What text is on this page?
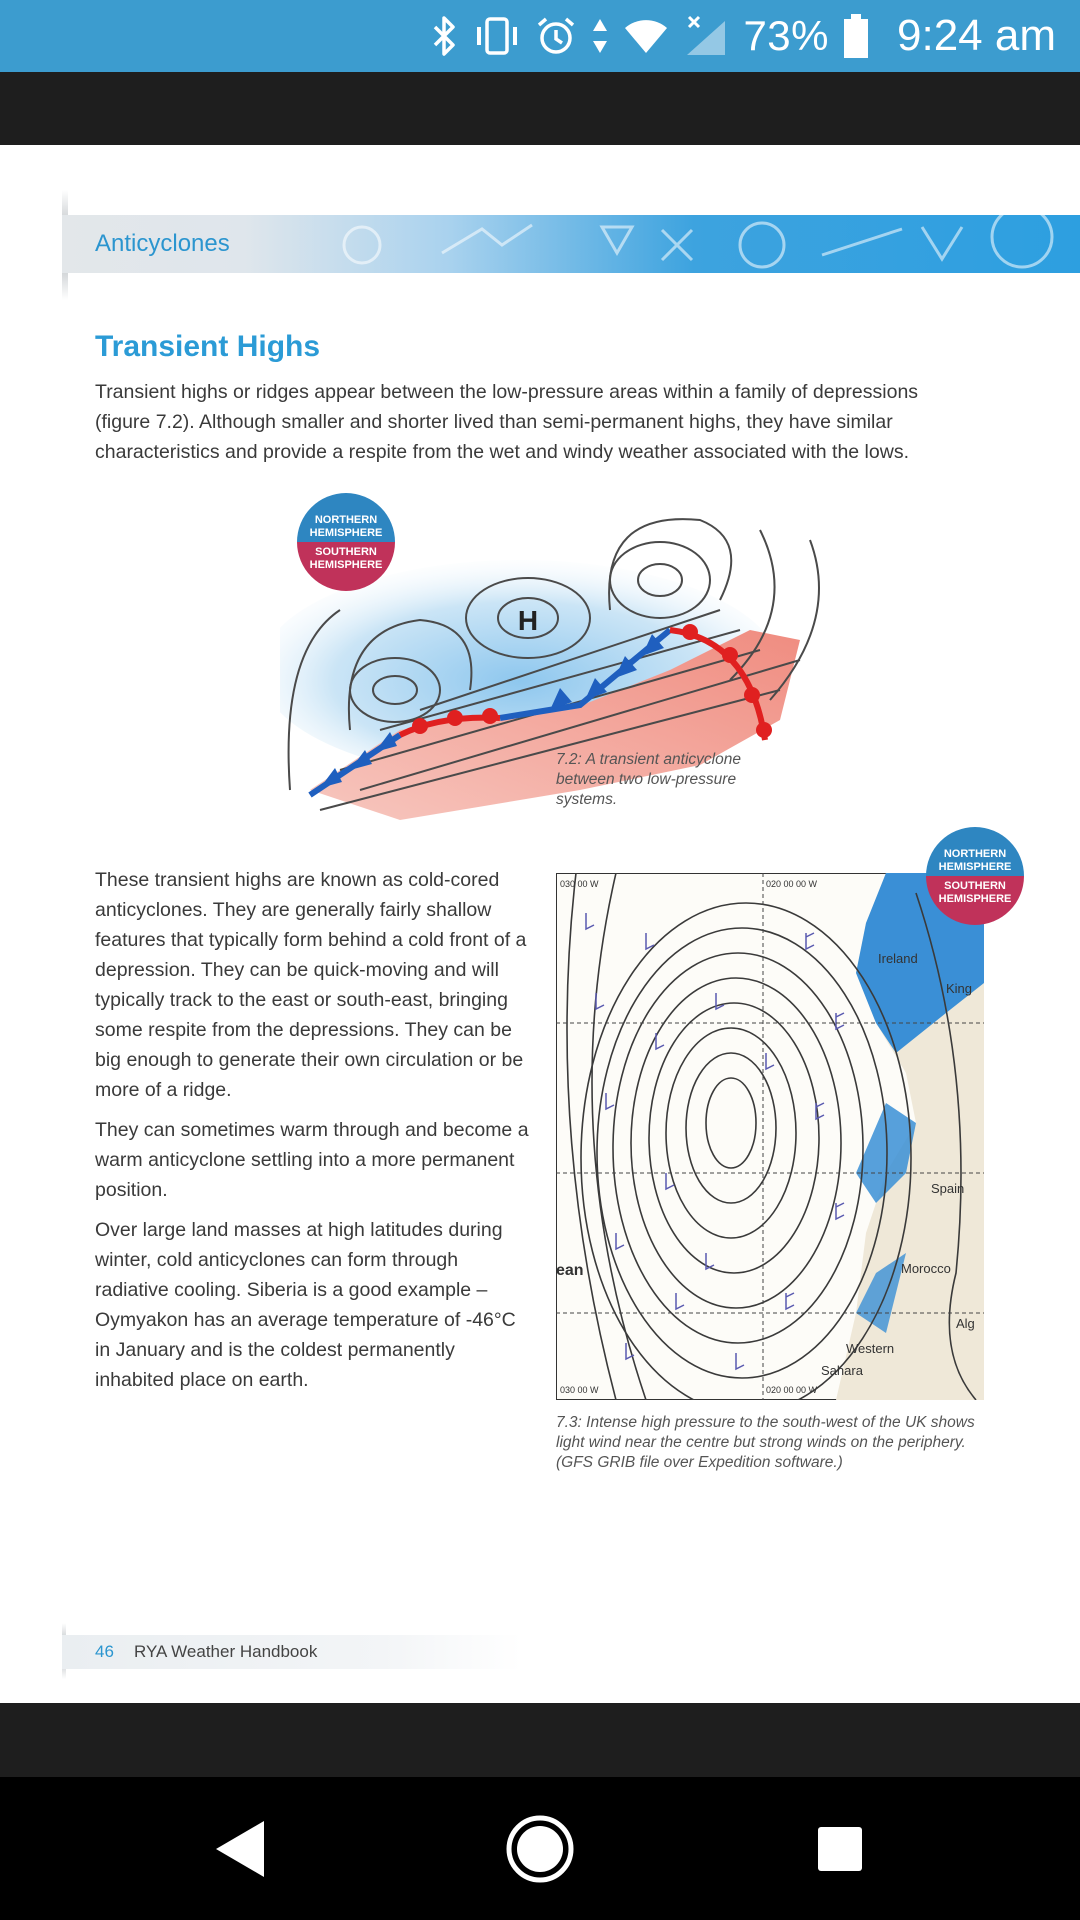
73% 9:24 am
Anticyclones
Transient Highs
Transient highs or ridges appear between the low-pressure areas within a family of depressions (figure 7.2). Although smaller and shorter lived than semi-permanent highs, they have similar characteristics and provide a respite from the wet and windy weather associated with the lows.
H
NORTHERN HEMISPHERE
SOUTHERN HEMISPHERE
7.2: A transient anticyclone between two low-pressure systems.

These transient highs are known as cold-cored anticyclones. They are generally fairly shallow features that typically form behind a cold front of a depression. They can be quick-moving and will typically track to the east or south-east, bringing some respite from the depressions. They can be big enough to generate their own circulation or be more of a ridge.

They can sometimes warm through and become a warm anticyclone settling into a more permanent position.

Over large land masses at high latitudes during winter, cold anticyclones can form through radiative cooling. Siberia is a good example – Oymyakon has an average temperature of -46°C in January and is the coldest permanently inhabited place on earth.

Ireland
King
Spain
Morocco
Western
Sahara
Alg
ean
030 00 W	020 00 00 W
030 00 W	020 00 00 W
NORTHERN HEMISPHERE
SOUTHERN HEMISPHERE
7.3: Intense high pressure to the south-west of the UK shows light wind near the centre but strong winds on the periphery. (GFS GRIB file over Expedition software.)
46 RYA Weather Handbook
